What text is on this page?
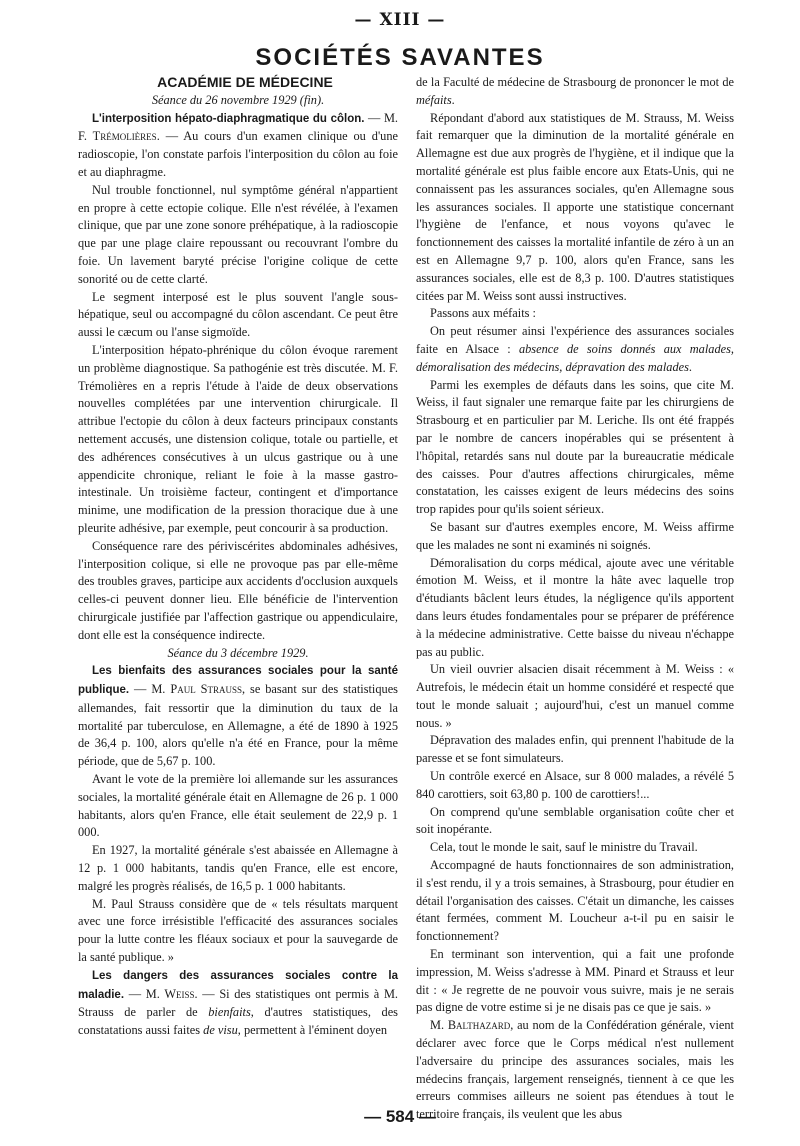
— XIII —
SOCIÉTÉS SAVANTES

ACADÉMIE DE MÉDECINE

Séance du 26 novembre 1929 (fin).

L'interposition hépato-diaphragmatique du côlon. — M. F. Trémolières. — Au cours d'un examen clinique ou d'une radioscopie, l'on constate parfois l'interposition du côlon au foie et au diaphragme.

Nul trouble fonctionnel, nul symptôme général n'appartient en propre à cette ectopie colique. Elle n'est révélée, à l'examen clinique, que par une zone sonore préhépatique, à la radioscopie que par une plage claire repoussant ou recouvrant l'ombre du foie. Un lavement baryté précise l'origine colique de cette sonorité ou de cette clarté.

Le segment interposé est le plus souvent l'angle sous-hépatique, seul ou accompagné du côlon ascendant. Ce peut être aussi le cæcum ou l'anse sigmoïde.

L'interposition hépato-phrénique du côlon évoque rarement un problème diagnostique. Sa pathogénie est très discutée. M. F. Trémolières en a repris l'étude à l'aide de deux observations nouvelles complétées par une intervention chirurgicale. Il attribue l'ectopie du côlon à deux facteurs principaux constants nettement accusés, une distension colique, totale ou partielle, et des adhérences consécutives à un ulcus gastrique ou à une appendicite chronique, reliant le foie à la masse gastro-intestinale. Un troisième facteur, contingent et d'importance minime, une modification de la pression thoracique due à une pleurite adhésive, par exemple, peut concourir à sa production.

Conséquence rare des périviscérites abdominales adhésives, l'interposition colique, si elle ne provoque pas par elle-même des troubles graves, participe aux accidents d'occlusion auxquels celles-ci peuvent donner lieu. Elle bénéficie de l'intervention chirurgicale justifiée par l'affection gastrique ou appendiculaire, dont elle est la conséquence indirecte.

Séance du 3 décembre 1929.

Les bienfaits des assurances sociales pour la santé publique. — M. Paul Strauss, se basant sur des statistiques allemandes, fait ressortir que la diminution du taux de la mortalité par tuberculose, en Allemagne, a été de 1890 à 1925 de 36,4 p. 100, alors qu'elle n'a été en France, pour la même période, que de 5,67 p. 100.

Avant le vote de la première loi allemande sur les assurances sociales, la mortalité générale était en Allemagne de 26 p. 1 000 habitants, alors qu'en France, elle était seulement de 22,9 p. 1 000.

En 1927, la mortalité générale s'est abaissée en Allemagne à 12 p. 1 000 habitants, tandis qu'en France, elle est encore, malgré les progrès réalisés, de 16,5 p. 1 000 habitants.

M. Paul Strauss considère que de « tels résultats marquent avec une force irrésistible l'efficacité des assurances sociales pour la lutte contre les fléaux sociaux et pour la sauvegarde de la santé publique. »

Les dangers des assurances sociales contre la maladie. — M. Weiss. — Si des statistiques ont permis à M. Strauss de parler de bienfaits, d'autres statistiques, des constatations aussi faites de visu, permettent à l'éminent doyen

de la Faculté de médecine de Strasbourg de prononcer le mot de méfaits.

Répondant d'abord aux statistiques de M. Strauss, M. Weiss fait remarquer que la diminution de la mortalité générale en Allemagne est due aux progrès de l'hygiène, et il indique que la mortalité générale est plus faible encore aux Etats-Unis, qui ne connaissent pas les assurances sociales, qu'en Allemagne sous les assurances sociales. Il apporte une statistique concernant l'hygiène de l'enfance, et nous voyons qu'avec le fonctionnement des caisses la mortalité infantile de zéro à un an est en Allemagne 9,7 p. 100, alors qu'en France, sans les assurances sociales, elle est de 8,3 p. 100. D'autres statistiques citées par M. Weiss sont aussi instructives.

Passons aux méfaits :

On peut résumer ainsi l'expérience des assurances sociales faite en Alsace : absence de soins donnés aux malades, démoralisation des médecins, dépravation des malades.

Parmi les exemples de défauts dans les soins, que cite M. Weiss, il faut signaler une remarque faite par les chirurgiens de Strasbourg et en particulier par M. Leriche. Ils ont été frappés par le nombre de cancers inopérables qui se présentent à l'hôpital, retardés sans nul doute par la bureaucratie médicale des caisses. Pour d'autres affections chirurgicales, même constatation, les caisses exigent de leurs médecins des soins trop rapides pour qu'ils soient sérieux.

Se basant sur d'autres exemples encore, M. Weiss affirme que les malades ne sont ni examinés ni soignés.

Démoralisation du corps médical, ajoute avec une véritable émotion M. Weiss, et il montre la hâte avec laquelle trop d'étudiants bâclent leurs études, la négligence qu'ils apportent dans leurs études fondamentales pour se préparer de préférence à la médecine administrative. Cette baisse du niveau n'échappe pas au public.

Un vieil ouvrier alsacien disait récemment à M. Weiss : « Autrefois, le médecin était un homme considéré et respecté que tout le monde saluait ; aujourd'hui, c'est un manuel comme nous. »

Dépravation des malades enfin, qui prennent l'habitude de la paresse et se font simulateurs.

Un contrôle exercé en Alsace, sur 8 000 malades, a révélé 5 840 carottiers, soit 63,80 p. 100 de carottiers!...

On comprend qu'une semblable organisation coûte cher et soit inopérante.

Cela, tout le monde le sait, sauf le ministre du Travail.

Accompagné de hauts fonctionnaires de son administration, il s'est rendu, il y a trois semaines, à Strasbourg, pour étudier en détail l'organisation des caisses. C'était un dimanche, les caisses étant fermées, comment M. Loucheur a-t-il pu en saisir le fonctionnement?

En terminant son intervention, qui a fait une profonde impression, M. Weiss s'adresse à MM. Pinard et Strauss et leur dit : « Je regrette de ne pouvoir vous suivre, mais je ne serais pas digne de votre estime si je ne disais pas ce que je sais. »

M. Balthazard, au nom de la Confédération générale, vient déclarer avec force que le Corps médical n'est nullement l'adversaire du principe des assurances sociales, mais les médecins français, largement renseignés, tiennent à ce que les erreurs commises ailleurs ne soient pas étendues à tout le territoire français, ils veulent que les abus

— 584 —
